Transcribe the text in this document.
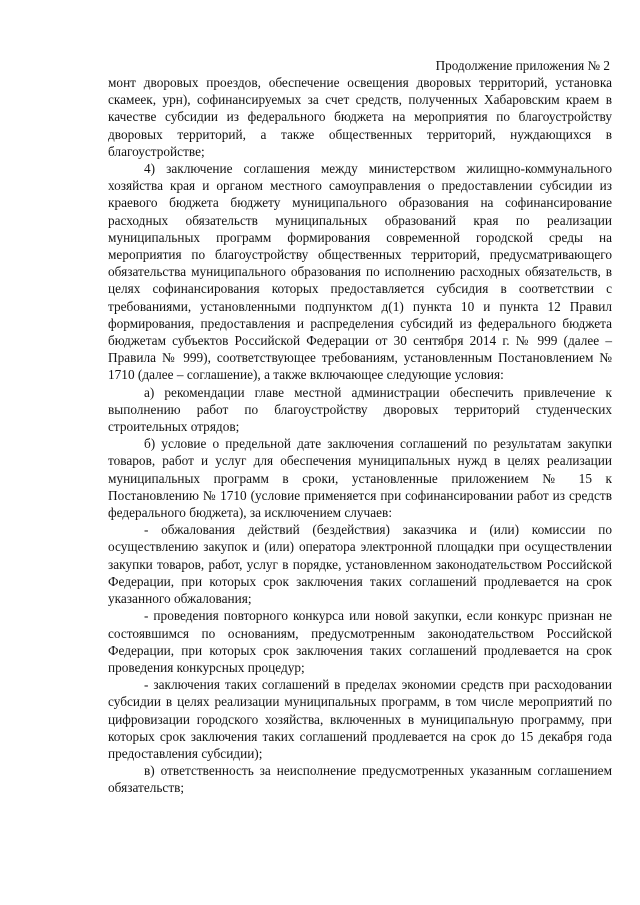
Продолжение приложения № 2

монт дворовых проездов, обеспечение освещения дворовых территорий, установка скамеек, урн), софинансируемых за счет средств, полученных Хабаровским краем в качестве субсидии из федерального бюджета на мероприятия по благоустройству дворовых территорий, а также общественных территорий, нуждающихся в благоустройстве;

4) заключение соглашения между министерством жилищно-коммунального хозяйства края и органом местного самоуправления о предоставлении субсидии из краевого бюджета бюджету муниципального образования на софинансирование расходных обязательств муниципальных образований края по реализации муниципальных программ формирования современной городской среды на мероприятия по благоустройству общественных территорий, предусматривающего обязательства муниципального образования по исполнению расходных обязательств, в целях софинансирования которых предоставляется субсидия в соответствии с требованиями, установленными подпунктом д(1) пункта 10 и пункта 12 Правил формирования, предоставления и распределения субсидий из федерального бюджета бюджетам субъектов Российской Федерации от 30 сентября 2014 г. № 999 (далее – Правила № 999), соответствующее требованиям, установленным Постановлением № 1710 (далее – соглашение), а также включающее следующие условия:

а) рекомендации главе местной администрации обеспечить привлечение к выполнению работ по благоустройству дворовых территорий студенческих строительных отрядов;

б) условие о предельной дате заключения соглашений по результатам закупки товаров, работ и услуг для обеспечения муниципальных нужд в целях реализации муниципальных программ в сроки, установленные приложением № 15 к Постановлению № 1710 (условие применяется при софинансировании работ из средств федерального бюджета), за исключением случаев:

- обжалования действий (бездействия) заказчика и (или) комиссии по осуществлению закупок и (или) оператора электронной площадки при осуществлении закупки товаров, работ, услуг в порядке, установленном законодательством Российской Федерации, при которых срок заключения таких соглашений продлевается на срок указанного обжалования;

- проведения повторного конкурса или новой закупки, если конкурс признан не состоявшимся по основаниям, предусмотренным законодательством Российской Федерации, при которых срок заключения таких соглашений продлевается на срок проведения конкурсных процедур;

- заключения таких соглашений в пределах экономии средств при расходовании субсидии в целях реализации муниципальных программ, в том числе мероприятий по цифровизации городского хозяйства, включенных в муниципальную программу, при которых срок заключения таких соглашений продлевается на срок до 15 декабря года предоставления субсидии);

в) ответственность за неисполнение предусмотренных указанным соглашением обязательств;
